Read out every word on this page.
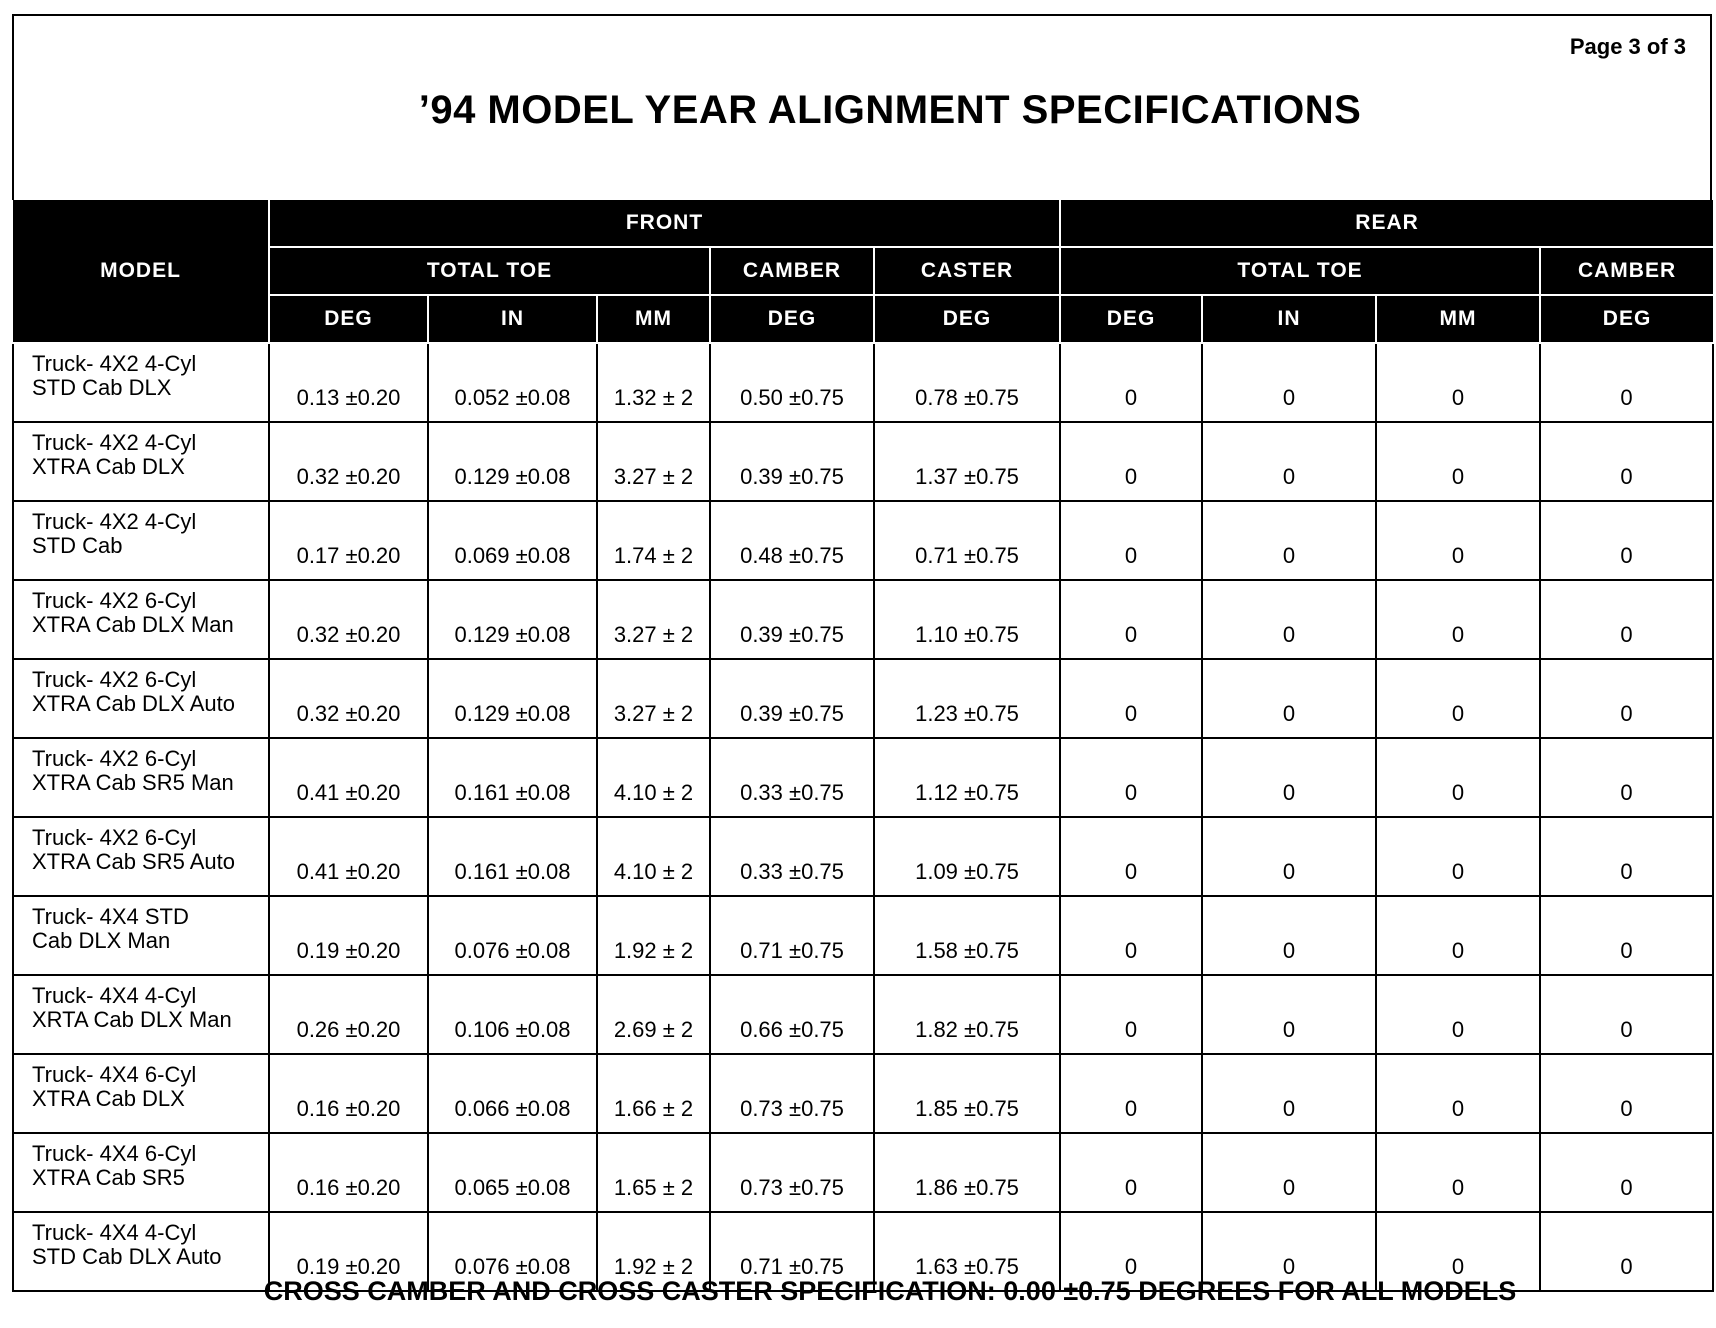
Page 3 of 3
’94 MODEL YEAR ALIGNMENT SPECIFICATIONS
MODEL	FRONT					REAR			
	TOTAL TOE			CAMBER	CASTER	TOTAL TOE			CAMBER
	DEG	IN	MM	DEG	DEG	DEG	IN	MM	DEG

Truck- 4X2 4-Cyl
STD Cab DLX	0.13 ±0.20	0.052 ±0.08	1.32 ± 2	0.50 ±0.75	0.78 ±0.75	0	0	0	0

Truck- 4X2 4-Cyl
XTRA Cab DLX	0.32 ±0.20	0.129 ±0.08	3.27 ± 2	0.39 ±0.75	1.37 ±0.75	0	0	0	0

Truck- 4X2 4-Cyl
STD Cab	0.17 ±0.20	0.069 ±0.08	1.74 ± 2	0.48 ±0.75	0.71 ±0.75	0	0	0	0

Truck- 4X2 6-Cyl
XTRA Cab DLX Man	0.32 ±0.20	0.129 ±0.08	3.27 ± 2	0.39 ±0.75	1.10 ±0.75	0	0	0	0

Truck- 4X2 6-Cyl
XTRA Cab DLX Auto	0.32 ±0.20	0.129 ±0.08	3.27 ± 2	0.39 ±0.75	1.23 ±0.75	0	0	0	0

Truck- 4X2 6-Cyl
XTRA Cab SR5 Man	0.41 ±0.20	0.161 ±0.08	4.10 ± 2	0.33 ±0.75	1.12 ±0.75	0	0	0	0

Truck- 4X2 6-Cyl
XTRA Cab SR5 Auto	0.41 ±0.20	0.161 ±0.08	4.10 ± 2	0.33 ±0.75	1.09 ±0.75	0	0	0	0

Truck- 4X4 STD
Cab DLX Man	0.19 ±0.20	0.076 ±0.08	1.92 ± 2	0.71 ±0.75	1.58 ±0.75	0	0	0	0

Truck- 4X4 4-Cyl
XRTA Cab DLX Man	0.26 ±0.20	0.106 ±0.08	2.69 ± 2	0.66 ±0.75	1.82 ±0.75	0	0	0	0

Truck- 4X4 6-Cyl
XTRA Cab DLX	0.16 ±0.20	0.066 ±0.08	1.66 ± 2	0.73 ±0.75	1.85 ±0.75	0	0	0	0

Truck- 4X4 6-Cyl
XTRA Cab SR5	0.16 ±0.20	0.065 ±0.08	1.65 ± 2	0.73 ±0.75	1.86 ±0.75	0	0	0	0

Truck- 4X4 4-Cyl
STD Cab DLX Auto	0.19 ±0.20	0.076 ±0.08	1.92 ± 2	0.71 ±0.75	1.63 ±0.75	0	0	0	0
CROSS CAMBER AND CROSS CASTER SPECIFICATION: 0.00 ±0.75 DEGREES FOR ALL MODELS
